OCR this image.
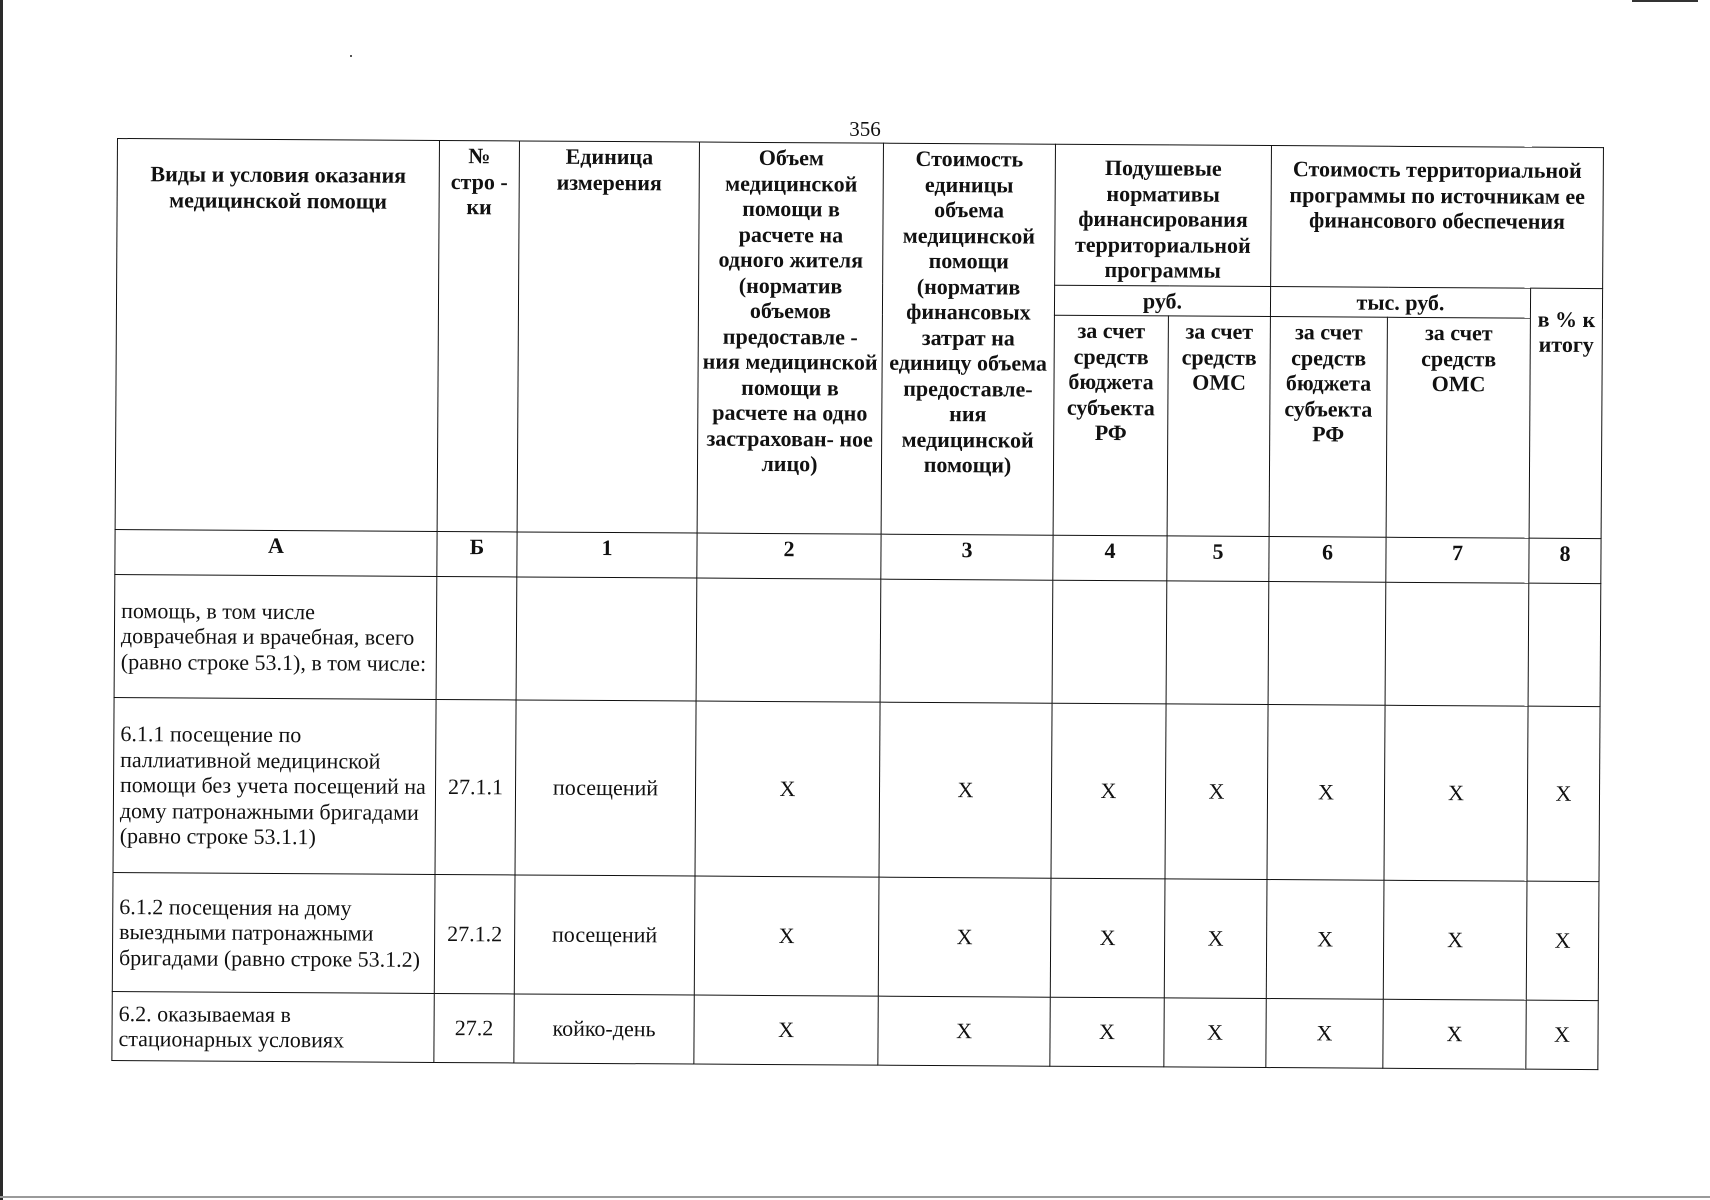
356
Виды и условия оказания медицинской помощи	№ стро - ки	Единица измерения	Объем медицинской помощи в расчете на одного жителя (норматив объемов предоставле - ния медицинской помощи в расчете на одно застрахован- ное лицо)	Стоимость единицы объема медицинской помощи (норматив финансовых затрат на единицу объема предоставле- ния медицинской помощи)	Подушевые нормативы финансирования территориальной программы		Стоимость территориальной программы по источникам ее финансового обеспечения		
					руб.		тыс. руб.		в % к итогу
					за счет средств бюджета субъекта РФ	за счет средств ОМС	за счет средств бюджета субъекта РФ	за счет средств ОМС	
А	Б	1	2	3	4	5	6	7	8
помощь, в том числе доврачебная и врачебная, всего (равно строке 53.1), в том числе:									
6.1.1 посещение по паллиативной медицинской помощи без учета посещений на дому патронажными бригадами (равно строке 53.1.1)	27.1.1	посещений	Х	Х	Х	Х	Х	Х	Х
6.1.2 посещения на дому выездными патронажными бригадами (равно строке 53.1.2)	27.1.2	посещений	Х	Х	Х	Х	Х	Х	Х
6.2. оказываемая в стационарных условиях	27.2	койко-день	Х	Х	Х	Х	Х	Х	Х
